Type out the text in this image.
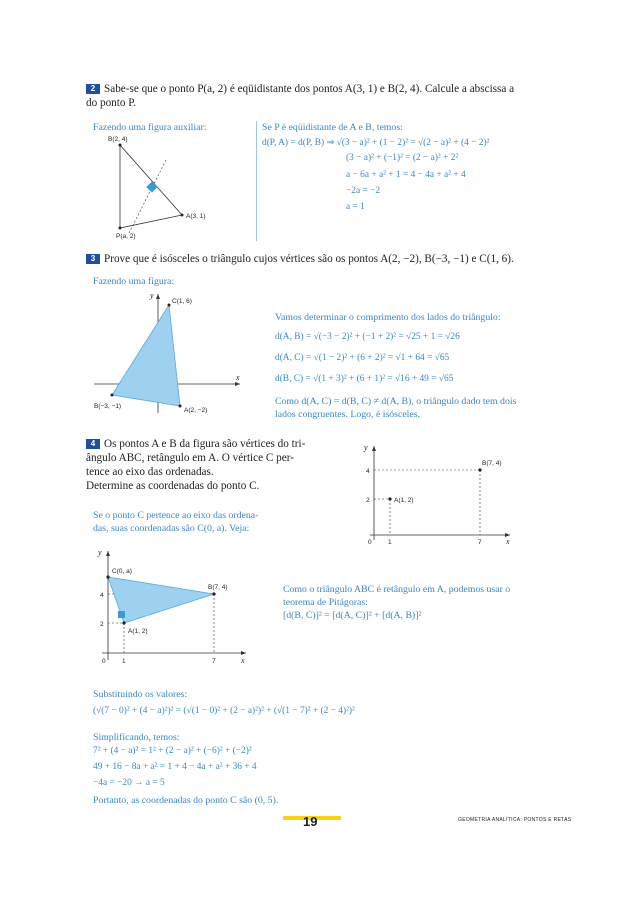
2 Sabe-se que o ponto P(a, 2) é eqüidistante dos pontos A(3, 1) e B(2, 4). Calcule a abscissa a
do ponto P.
Fazendo uma figura auxiliar:
B(2, 4)
A(3, 1)
P(a, 2)
Se P é eqüidistante de A e B, temos:
d(P, A) = d(P, B) ⇒ √(3 − a)² + (1 − 2)² = √(2 − a)² + (4 − 2)²
(3 − a)² + (−1)² = (2 − a)² + 2²
a − 6a + a² + 1 = 4 − 4a + a² + 4
−2a = −2
a = 1
3 Prove que é isósceles o triângulo cujos vértices são os pontos A(2, −2), B(−3, −1) e C(1, 6).
Fazendo uma figura:
C(1, 6)
B(−3, −1)
A(2, −2)
x
y
Vamos determinar o comprimento dos lados do triângulo:
d(A, B) = √(−3 − 2)² + (−1 + 2)² = √25 + 1 = √26
d(A, C) = √(1 − 2)² + (6 + 2)² = √1 + 64 = √65
d(B, C) = √(1 + 3)² + (6 + 1)² = √16 + 49 = √65
Como d(A, C) = d(B, C) ≠ d(A, B), o triângulo dado tem dois
lados congruentes. Logo, é isósceles.
4 Os pontos A e B da figura são vértices do tri-
ângulo ABC, retângulo em A. O vértice C per-
tence ao eixo das ordenadas.
Determine as coordenadas do ponto C.
B(7, 4)
A(1, 2)
4
2
0	1	7	x
y
Se o ponto C pertence ao eixo das ordena-
das, suas coordenadas são C(0, a). Veja:
C(0, a)
B(7, 4)
A(1, 2)
4
2
0	1	7	x
y
Como o triângulo ABC é retângulo em A, podemos usar o
teorema de Pitágoras:
[d(B, C)]² = [d(A, C)]² + [d(A, B)]²
Substituindo os valores:
(√(7 − 0)² + (4 − a)²)² = (√(1 − 0)² + (2 − a)²)² + (√(1 − 7)² + (2 − 4)²)²
Simplificando, temos:
7² + (4 − a)² = 1² + (2 − a)² + (−6)² + (−2)²
49 + 16 − 8a + a² = 1 + 4 − 4a + a² + 36 + 4
−4a = −20 → a = 5
Portanto, as coordenadas do ponto C são (0, 5).
19	GEOMETRIA ANALÍTICA: PONTOS E RETAS
